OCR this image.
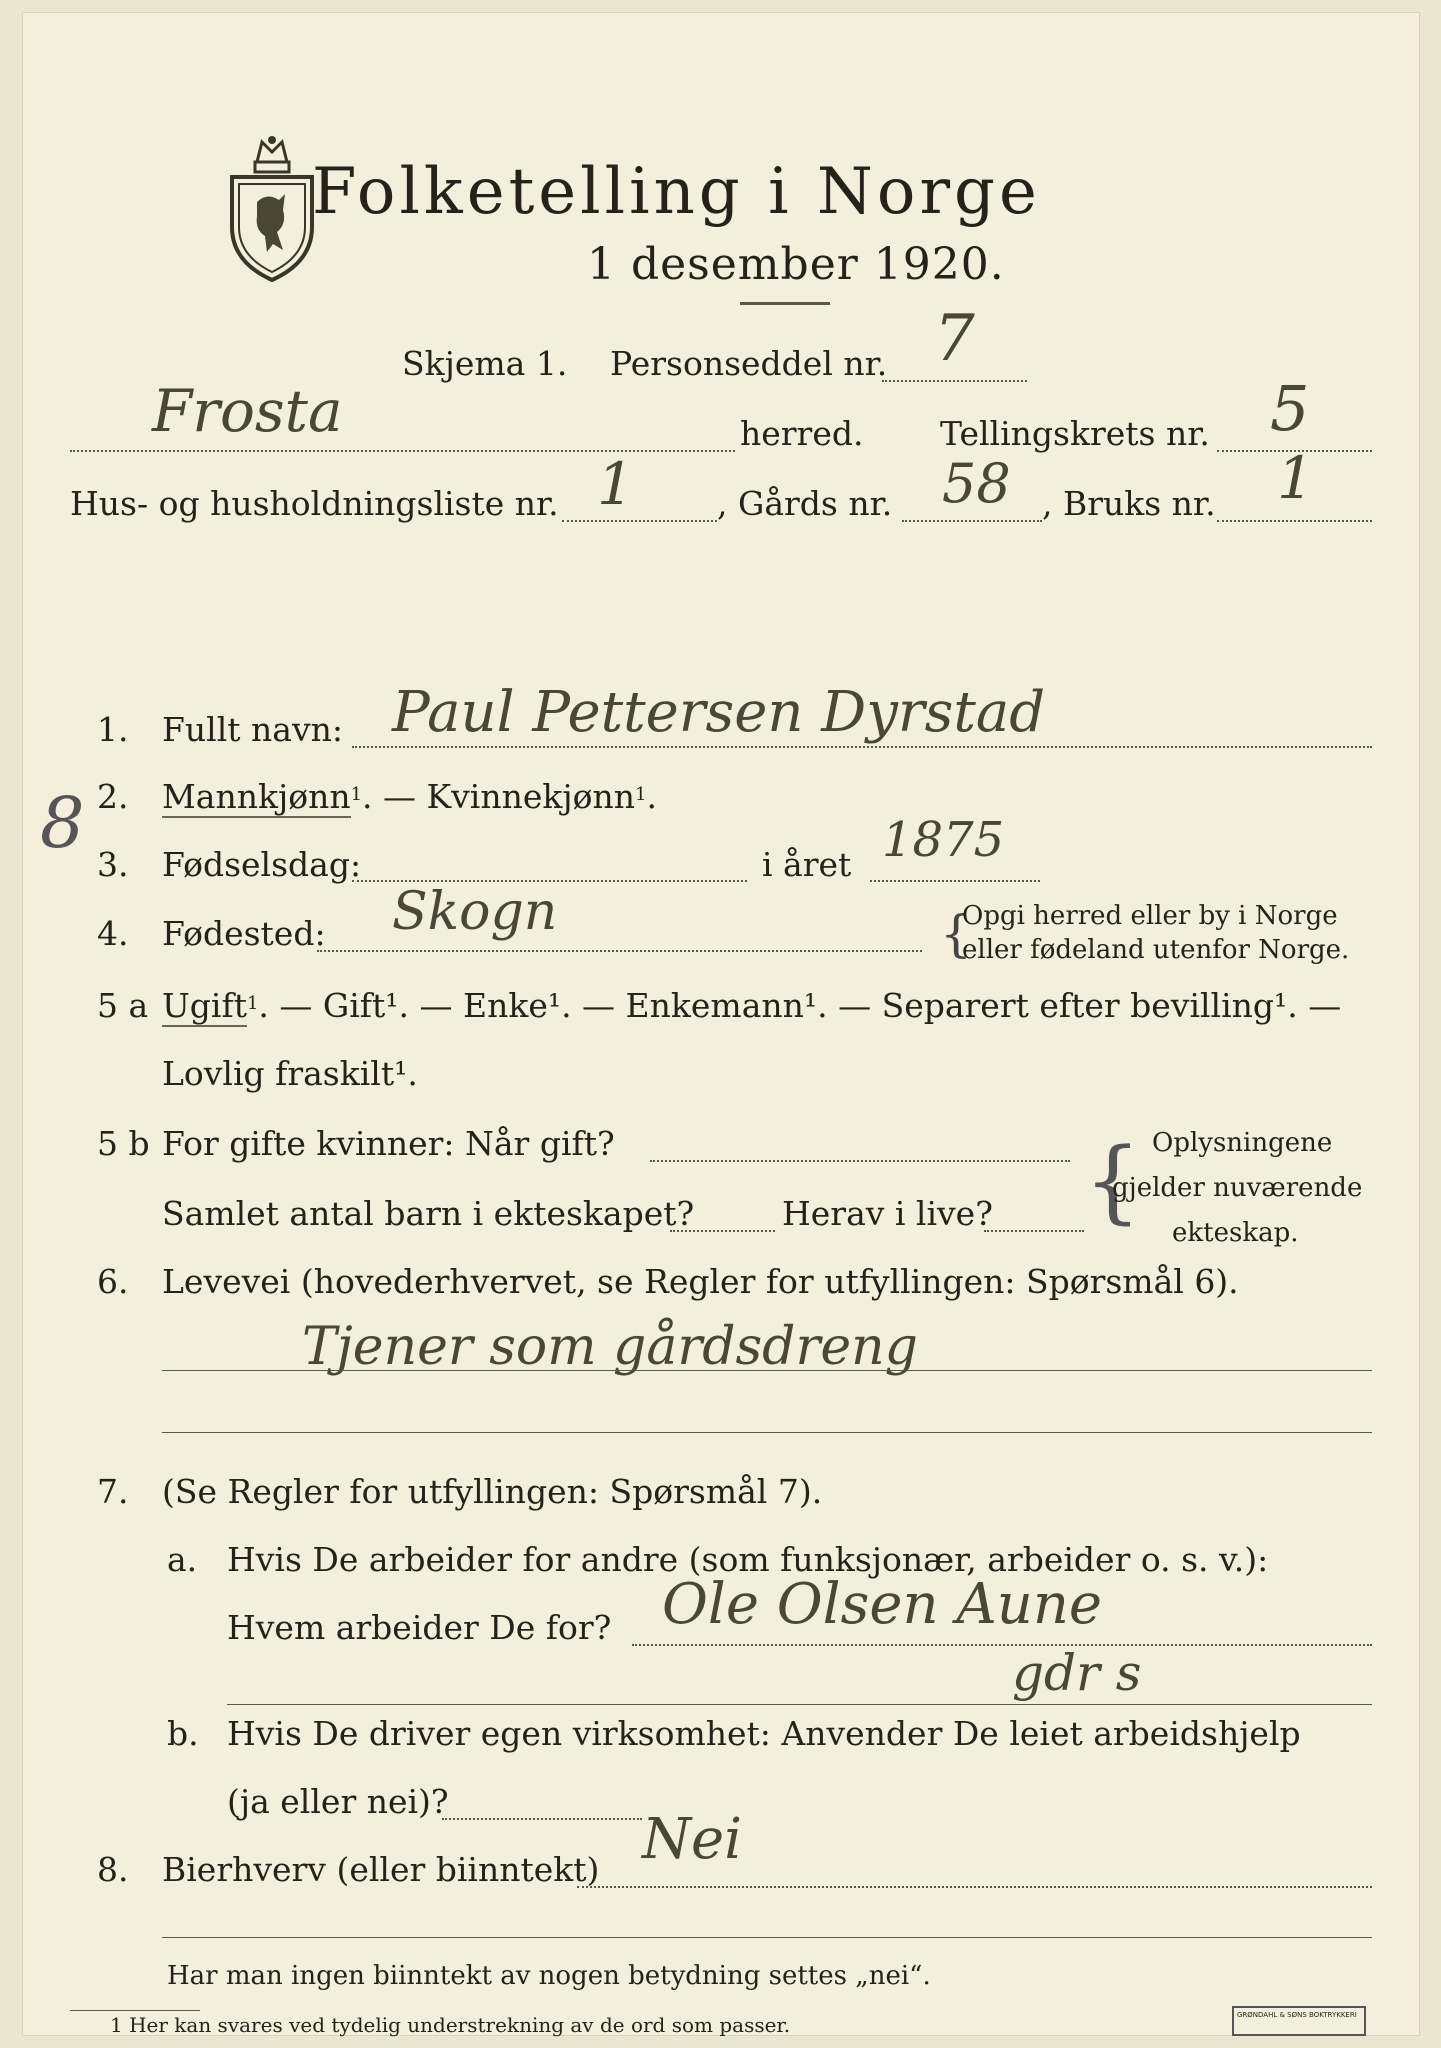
Folketelling i Norge
1 desember 1920.
Skjema 1. Personseddel nr. 7
Frosta	herred. Tellingskrets nr. 5
Hus- og husholdningsliste nr. 1	, Gårds nr. 58 , Bruks nr. 1
1. Fullt navn: Paul Pettersen Dyrstad
8 2. Mannkjønn$^1$. — Kvinnekjønn$^1$.
3. Fødselsdag:	i året 1875
4. Fødested: Skogn	{
Opgi herred eller by i Norge
eller fødeland utenfor Norge.
5 a Ugift$^1$. — Gift¹. — Enke¹. — Enkemann¹. — Separert efter bevilling¹. —
Lovlig fraskilt¹.
5 b For gifte kvinner: Når gift?
Samlet antal barn i ekteskapet?	Herav i live? { Oplysningene
gjelder nuværende
ekteskap.
6. Levevei (hovederhvervet, se Regler for utfyllingen: Spørsmål 6).
Tjener som gårdsdreng
7. (Se Regler for utfyllingen: Spørsmål 7).
a. Hvis De arbeider for andre (som funksjonær, arbeider o. s. v.):
Hvem arbeider De for? Ole Olsen Aune
gdr s
b. Hvis De driver egen virksomhet: Anvender De leiet arbeidshjelp
(ja eller nei)?
8. Bierhverv (eller biinntekt) Nei
Har man ingen biinntekt av nogen betydning settes „nei“.
1 Her kan svares ved tydelig understrekning av de ord som passer.	GRØNDAHL & SØNS BOKTRYKKERI
